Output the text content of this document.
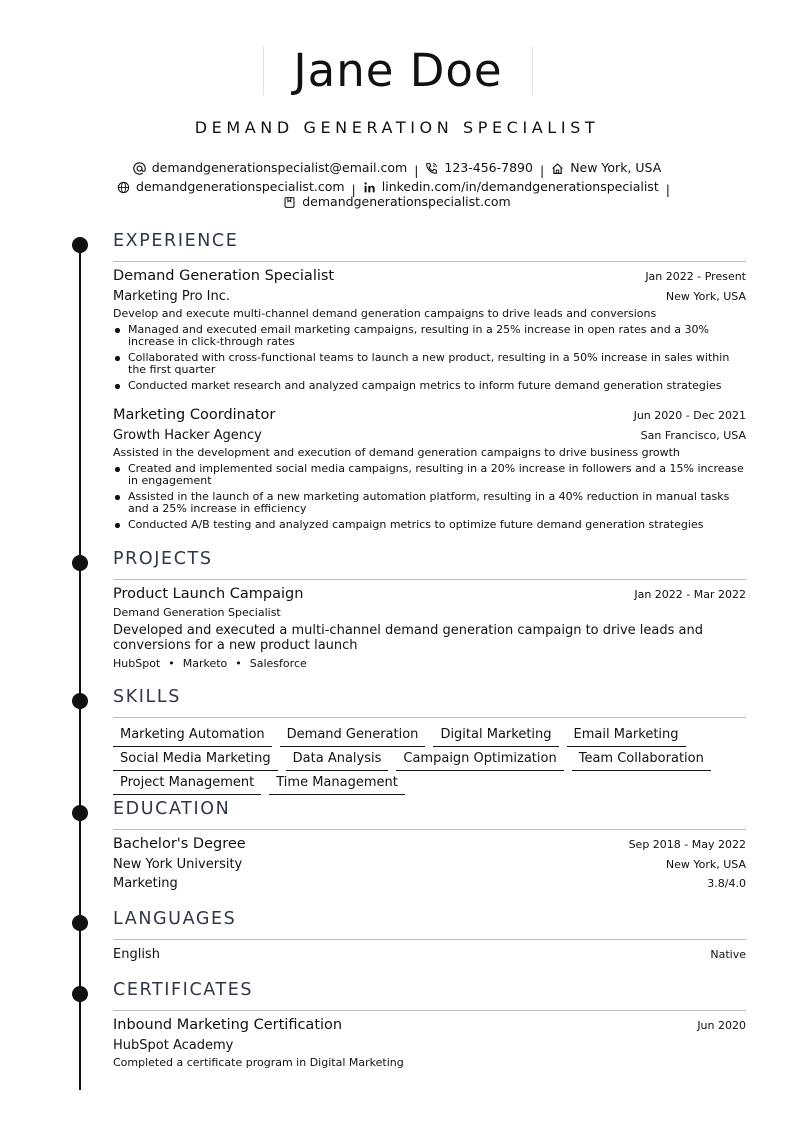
Jane Doe
DEMAND GENERATION SPECIALIST
demandgenerationspecialist@email.com | 123-456-7890 | New York, USA
demandgenerationspecialist.com | linkedin.com/in/demandgenerationspecialist |
demandgenerationspecialist.com
EXPERIENCE
Demand Generation Specialist	Jan 2022 - Present
Marketing Pro Inc.	New York, USA
Develop and execute multi-channel demand generation campaigns to drive leads and conversions
Managed and executed email marketing campaigns, resulting in a 25% increase in open rates and a 30% increase in click-through rates
Collaborated with cross-functional teams to launch a new product, resulting in a 50% increase in sales within the first quarter
Conducted market research and analyzed campaign metrics to inform future demand generation strategies
Marketing Coordinator	Jun 2020 - Dec 2021
Growth Hacker Agency	San Francisco, USA
Assisted in the development and execution of demand generation campaigns to drive business growth
Created and implemented social media campaigns, resulting in a 20% increase in followers and a 15% increase in engagement
Assisted in the launch of a new marketing automation platform, resulting in a 40% reduction in manual tasks and a 25% increase in efficiency
Conducted A/B testing and analyzed campaign metrics to optimize future demand generation strategies
PROJECTS
Product Launch Campaign	Jan 2022 - Mar 2022
Demand Generation Specialist
Developed and executed a multi-channel demand generation campaign to drive leads and conversions for a new product launch
HubSpot • Marketo • Salesforce
SKILLS
Marketing Automation Demand Generation Digital Marketing Email Marketing
Social Media Marketing Data Analysis Campaign Optimization Team Collaboration
Project Management Time Management
EDUCATION
Bachelor's Degree	Sep 2018 - May 2022
New York University	New York, USA
Marketing	3.8/4.0
LANGUAGES
English	Native
CERTIFICATES
Inbound Marketing Certification	Jun 2020
HubSpot Academy
Completed a certificate program in Digital Marketing
